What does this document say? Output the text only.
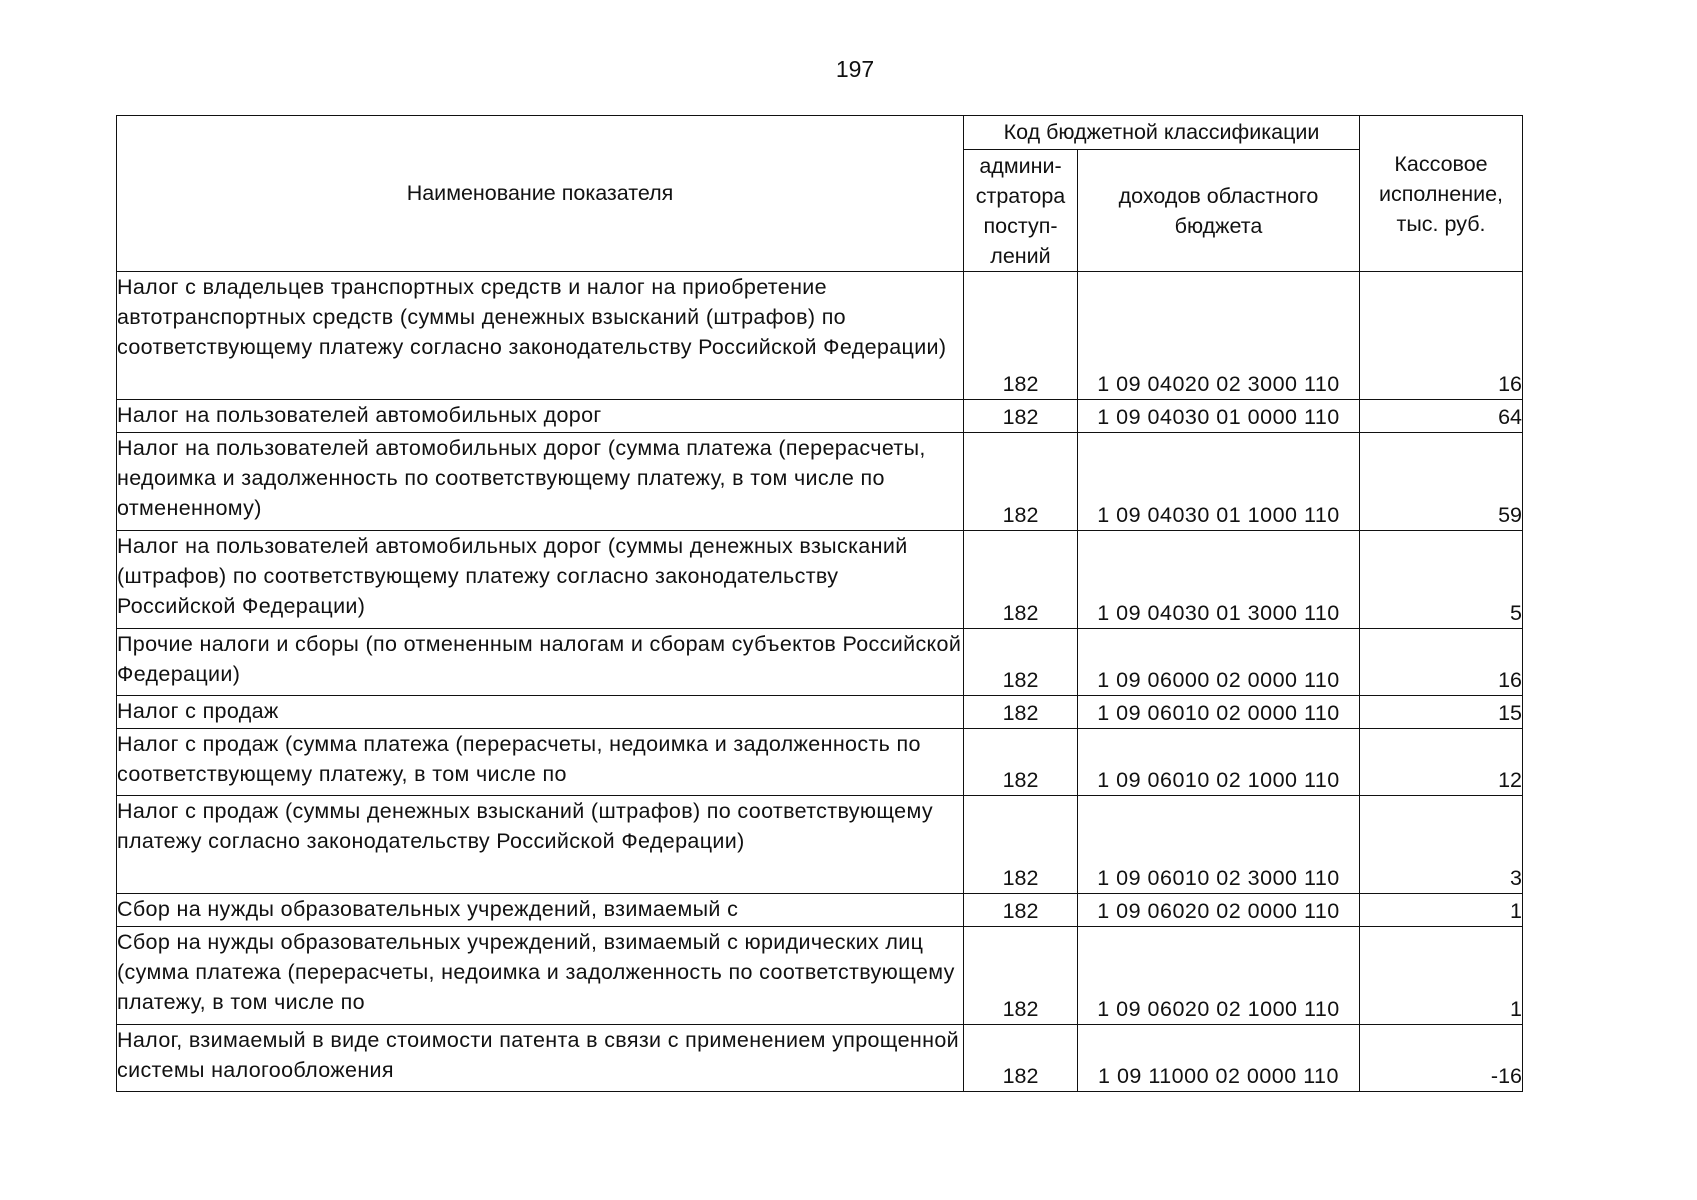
197
Наименование показателя	Код бюджетной классификации		Кассовое исполнение, тыс. руб.
	админи-стратора поступ-лений	доходов областного бюджета	
Налог с владельцев транспортных средств и налог на приобретение автотранспортных средств (суммы денежных взысканий (штрафов) по соответствующему платежу согласно законодательству Российской Федерации)	182	1 09 04020 02 3000 110	16
Налог на пользователей автомобильных дорог	182	1 09 04030 01 0000 110	64
Налог на пользователей автомобильных дорог (сумма платежа (перерасчеты, недоимка и задолженность по соответствующему платежу, в том числе по отмененному)	182	1 09 04030 01 1000 110	59
Налог на пользователей автомобильных дорог (суммы денежных взысканий (штрафов) по соответствующему платежу согласно законодательству Российской Федерации)	182	1 09 04030 01 3000 110	5
Прочие налоги и сборы (по отмененным налогам и сборам субъектов Российской Федерации)	182	1 09 06000 02 0000 110	16
Налог с продаж	182	1 09 06010 02 0000 110	15
Налог с продаж (сумма платежа (перерасчеты, недоимка и задолженность по соответствующему платежу, в том числе по	182	1 09 06010 02 1000 110	12
Налог с продаж (суммы денежных взысканий (штрафов) по соответствующему платежу согласно законодательству Российской Федерации)	182	1 09 06010 02 3000 110	3
Сбор на нужды образовательных учреждений, взимаемый с	182	1 09 06020 02 0000 110	1
Сбор на нужды образовательных учреждений, взимаемый с юридических лиц (сумма платежа (перерасчеты, недоимка и задолженность по соответствующему платежу, в том числе по	182	1 09 06020 02 1000 110	1
Налог, взимаемый в виде стоимости патента в связи с применением упрощенной системы налогообложения	182	1 09 11000 02 0000 110	-16
